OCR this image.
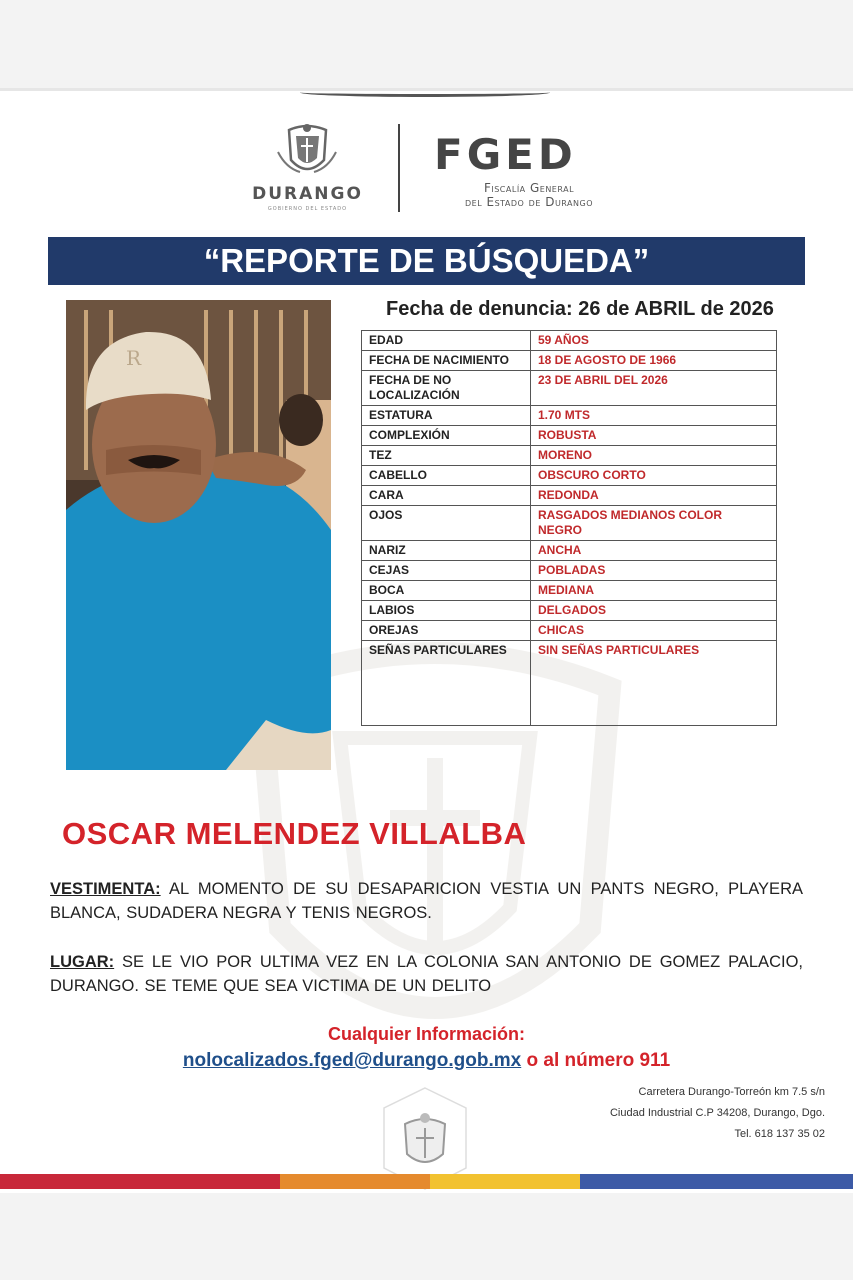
DURANGO
GOBIERNO DEL ESTADO
FGED
Fiscalía General
del Estado de Durango
“REPORTE DE BÚSQUEDA”
R
Fecha de denuncia: 26 de ABRIL de 2026
EDAD	59 AÑOS
FECHA DE NACIMIENTO	18 DE AGOSTO DE 1966
FECHA DE NO LOCALIZACIÓN	23 DE ABRIL DEL 2026
ESTATURA	1.70 MTS
COMPLEXIÓN	ROBUSTA
TEZ	MORENO
CABELLO	OBSCURO CORTO
CARA	REDONDA
OJOS	RASGADOS MEDIANOS COLOR NEGRO
NARIZ	ANCHA
CEJAS	POBLADAS
BOCA	MEDIANA
LABIOS	DELGADOS
OREJAS	CHICAS
SEÑAS PARTICULARES	SIN SEÑAS PARTICULARES
OSCAR MELENDEZ VILLALBA
VESTIMENTA: AL MOMENTO DE SU DESAPARICION VESTIA UN PANTS NEGRO, PLAYERA BLANCA, SUDADERA NEGRA Y TENIS NEGROS.
LUGAR: SE LE VIO POR ULTIMA VEZ EN LA COLONIA SAN ANTONIO DE GOMEZ PALACIO, DURANGO. SE TEME QUE SEA VICTIMA DE UN DELITO
Cualquier Información:
nolocalizados.fged@durango.gob.mx o al número 911
Carretera Durango-Torreón km 7.5 s/n
Ciudad Industrial C.P 34208, Durango, Dgo.
Tel. 618 137 35 02
